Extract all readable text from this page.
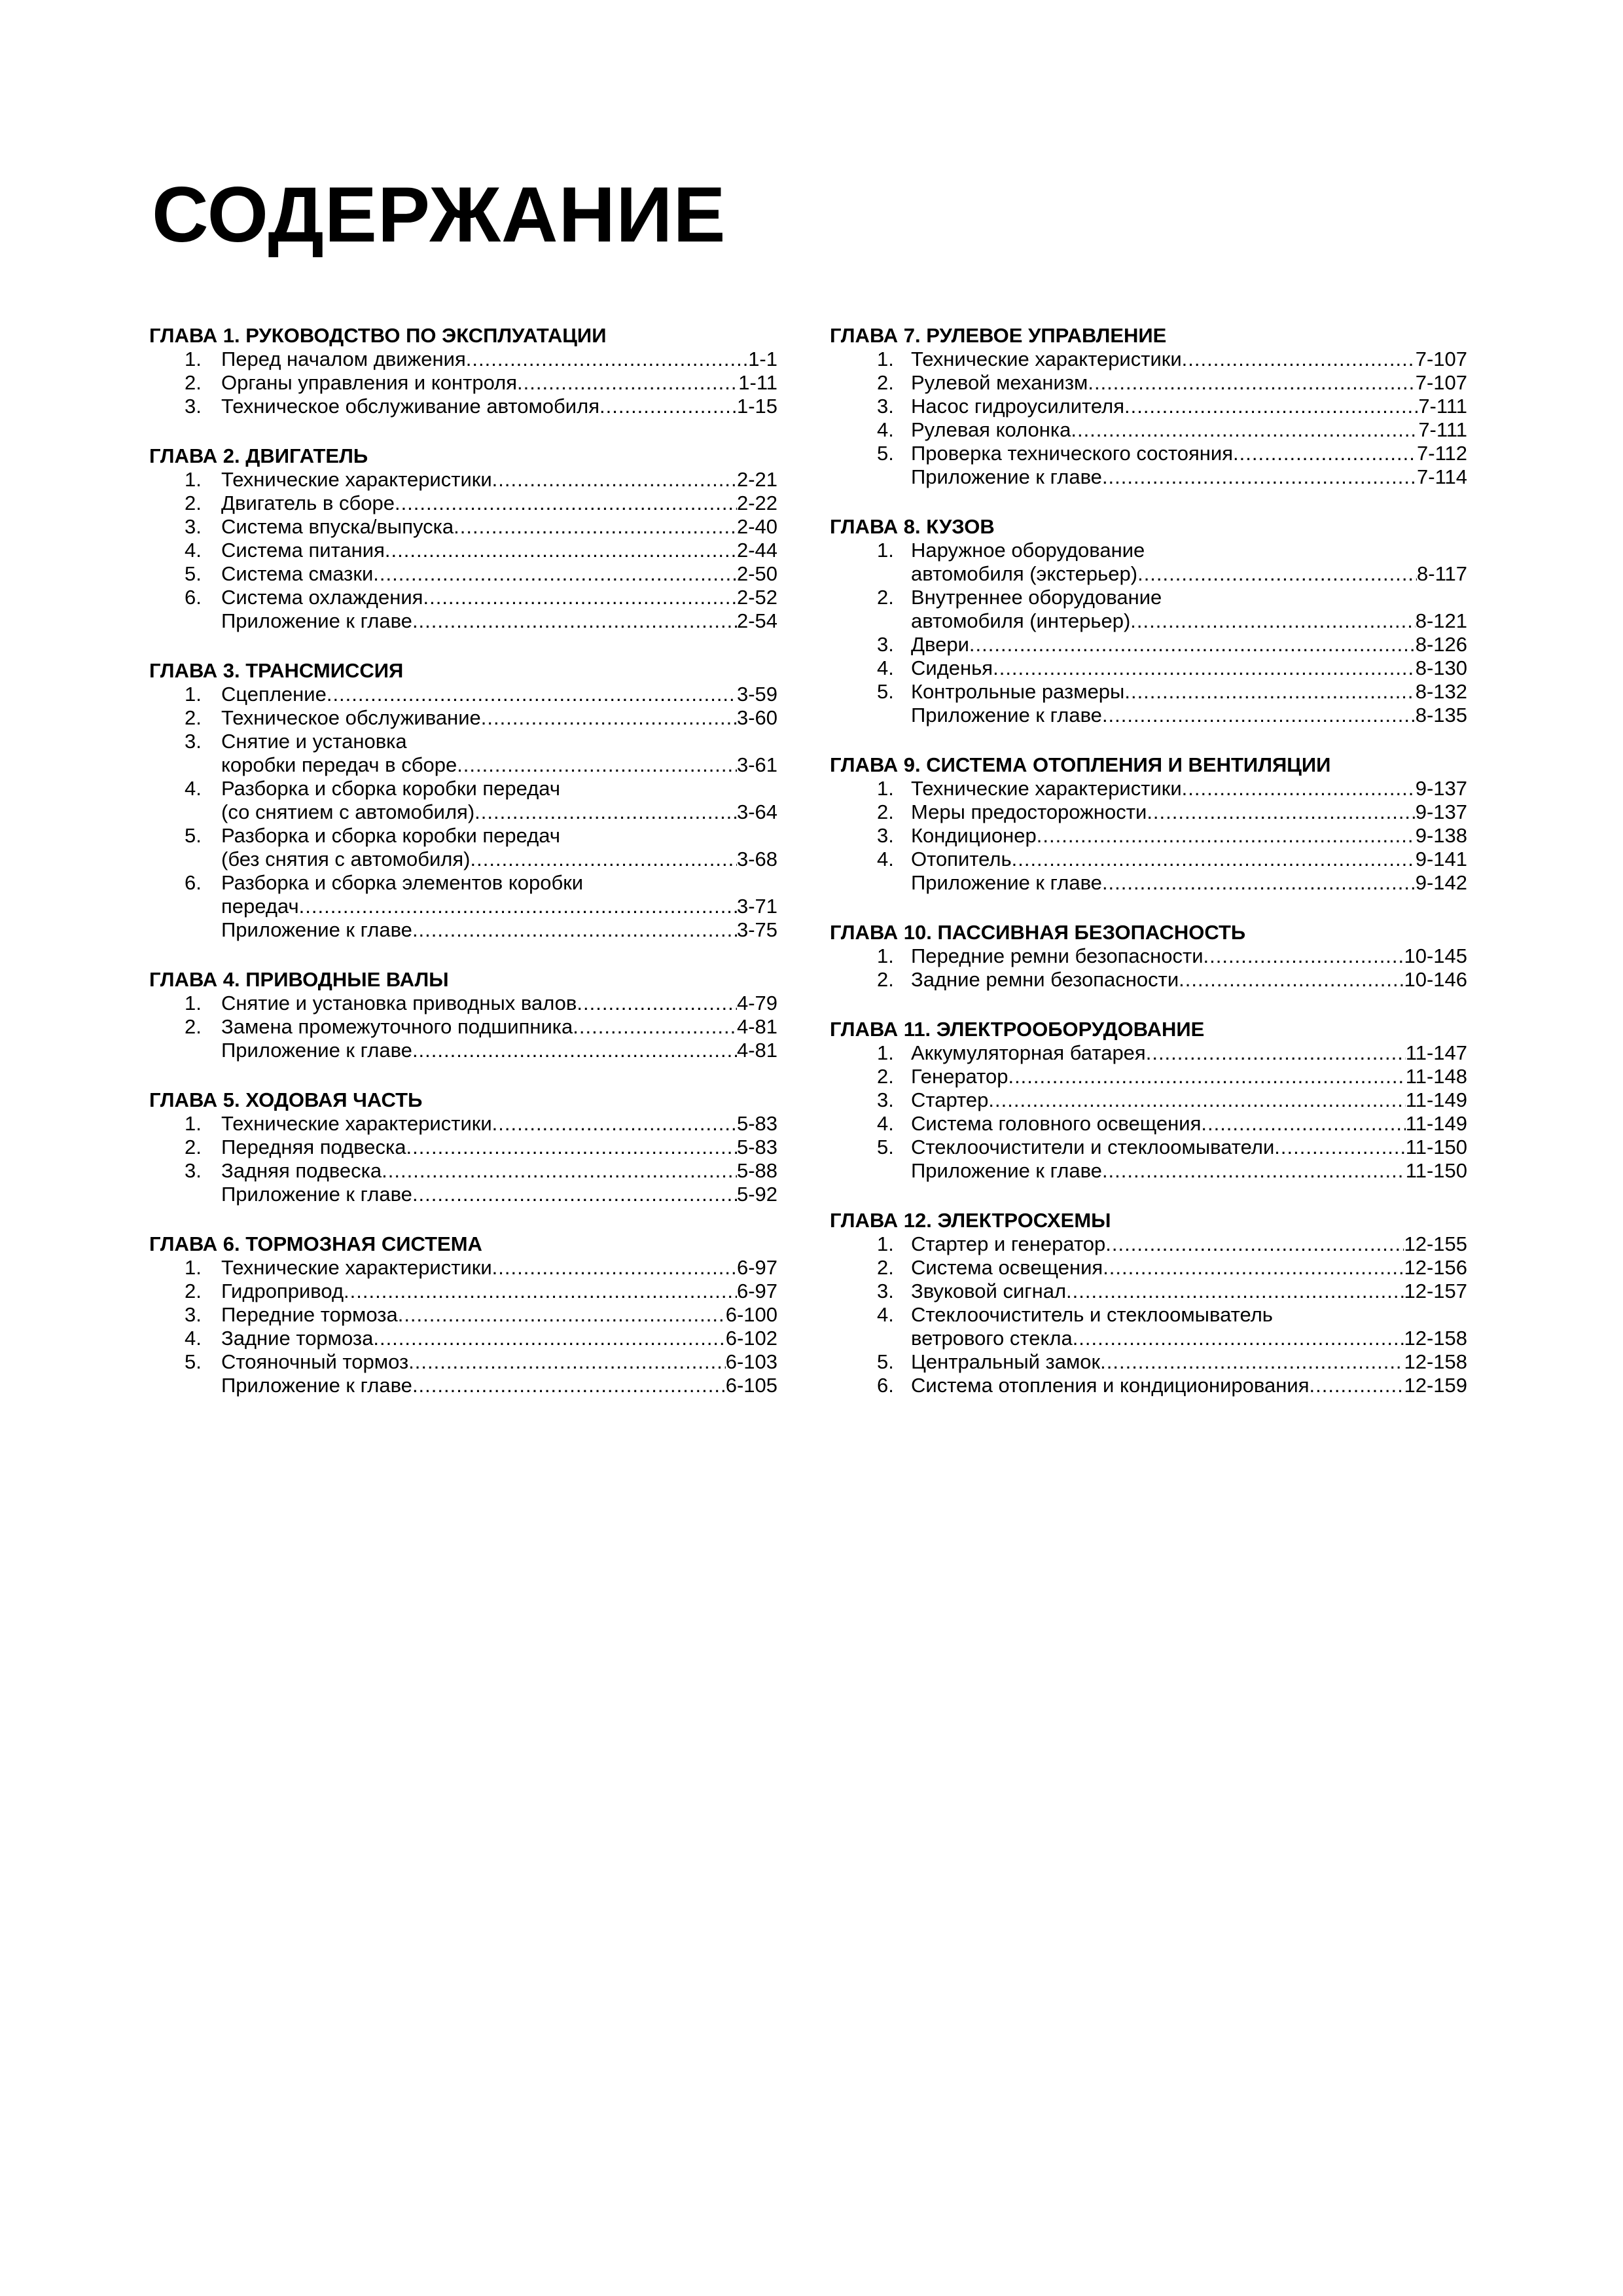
СОДЕРЖАНИЕ
ГЛАВА 1. РУКОВОДСТВО ПО ЭКСПЛУАТАЦИИ
1. Перед началом движения .....	1-1
2. Органы управления и контроля .....	1-11
3. Техническое обслуживание автомобиля .....	1-15
ГЛАВА 2. ДВИГАТЕЛЬ
1. Технические характеристики .....	2-21
2. Двигатель в сборе .....	2-22
3. Система впуска/выпуска .....	2-40
4. Система питания .....	2-44
5. Система смазки .....	2-50
6. Система охлаждения .....	2-52
Приложение к главе .....	2-54
ГЛАВА 3. ТРАНСМИССИЯ
1. Сцепление .....	3-59
2. Техническое обслуживание .....	3-60
3. Снятие и установка
коробки передач в сборе .....	3-61
4. Разборка и сборка коробки передач
(со снятием с автомобиля) .....	3-64
5. Разборка и сборка коробки передач
(без снятия с автомобиля) .....	3-68
6. Разборка и сборка элементов коробки
передач .....	3-71
Приложение к главе .....	3-75
ГЛАВА 4. ПРИВОДНЫЕ ВАЛЫ
1. Снятие и установка приводных валов .....	4-79
2. Замена промежуточного подшипника .....	4-81
Приложение к главе .....	4-81
ГЛАВА 5. ХОДОВАЯ ЧАСТЬ
1. Технические характеристики .....	5-83
2. Передняя подвеска .....	5-83
3. Задняя подвеска .....	5-88
Приложение к главе .....	5-92
ГЛАВА 6. ТОРМОЗНАЯ СИСТЕМА
1. Технические характеристики .....	6-97
2. Гидропривод .....	6-97
3. Передние тормоза .....	6-100
4. Задние тормоза .....	6-102
5. Стояночный тормоз .....	6-103
Приложение к главе .....	6-105
ГЛАВА 7. РУЛЕВОЕ УПРАВЛЕНИЕ
1. Технические характеристики .....	7-107
2. Рулевой механизм .....	7-107
3. Насос гидроусилителя .....	7-111
4. Рулевая колонка .....	7-111
5. Проверка технического состояния .....	7-112
Приложение к главе .....	7-114
ГЛАВА 8. КУЗОВ
1. Наружное оборудование
автомобиля (экстерьер) .....	8-117
2. Внутреннее оборудование
автомобиля (интерьер) .....	8-121
3. Двери .....	8-126
4. Сиденья .....	8-130
5. Контрольные размеры .....	8-132
Приложение к главе .....	8-135
ГЛАВА 9. СИСТЕМА ОТОПЛЕНИЯ И ВЕНТИЛЯЦИИ
1. Технические характеристики .....	9-137
2. Меры предосторожности .....	9-137
3. Кондиционер .....	9-138
4. Отопитель .....	9-141
Приложение к главе .....	9-142
ГЛАВА 10. ПАССИВНАЯ БЕЗОПАСНОСТЬ
1. Передние ремни безопасности .....	10-145
2. Задние ремни безопасности .....	10-146
ГЛАВА 11. ЭЛЕКТРООБОРУДОВАНИЕ
1. Аккумуляторная батарея .....	11-147
2. Генератор .....	11-148
3. Стартер .....	11-149
4. Система головного освещения .....	11-149
5. Стеклоочистители и стеклоомыватели .....	11-150
Приложение к главе .....	11-150
ГЛАВА 12. ЭЛЕКТРОСХЕМЫ
1. Стартер и генератор .....	12-155
2. Система освещения .....	12-156
3. Звуковой сигнал .....	12-157
4. Стеклоочиститель и стеклоомыватель
ветрового стекла .....	12-158
5. Центральный замок .....	12-158
6. Система отопления и кондиционирования .....	12-159
